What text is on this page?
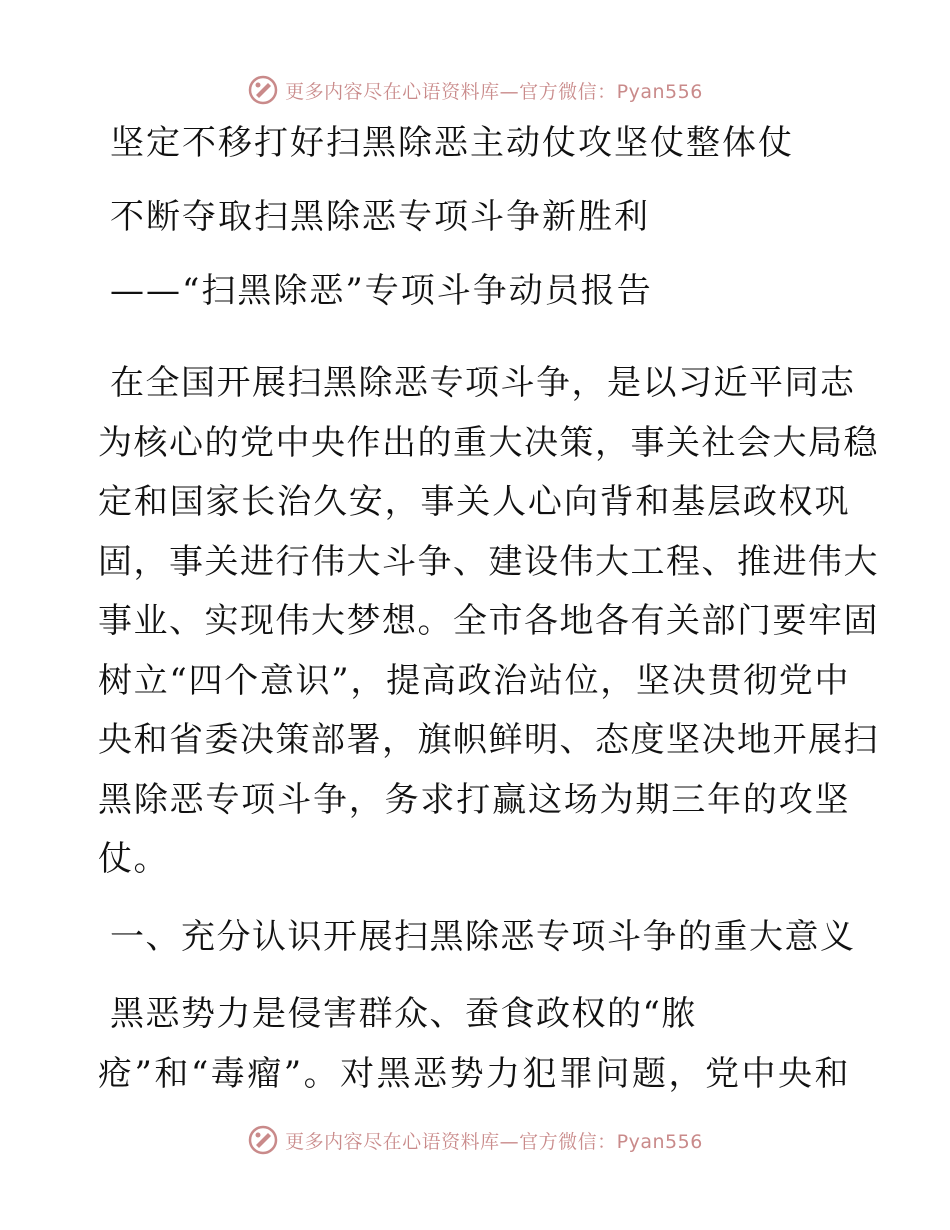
更多内容尽在心语资料库—官方微信：Pyan556
坚定不移打好扫黑除恶主动仗攻坚仗整体仗
不断夺取扫黑除恶专项斗争新胜利
——“扫黑除恶”专项斗争动员报告
在全国开展扫黑除恶专项斗争，是以习近平同志
为核心的党中央作出的重大决策，事关社会大局稳
定和国家长治久安，事关人心向背和基层政权巩
固，事关进行伟大斗争、建设伟大工程、推进伟大
事业、实现伟大梦想。全市各地各有关部门要牢固
树立“四个意识”，提高政治站位，坚决贯彻党中
央和省委决策部署，旗帜鲜明、态度坚决地开展扫
黑除恶专项斗争，务求打赢这场为期三年的攻坚
仗。
一、充分认识开展扫黑除恶专项斗争的重大意义
黑恶势力是侵害群众、蚕食政权的“脓
疮”和“毒瘤”。对黑恶势力犯罪问题，党中央和
更多内容尽在心语资料库—官方微信：Pyan556
